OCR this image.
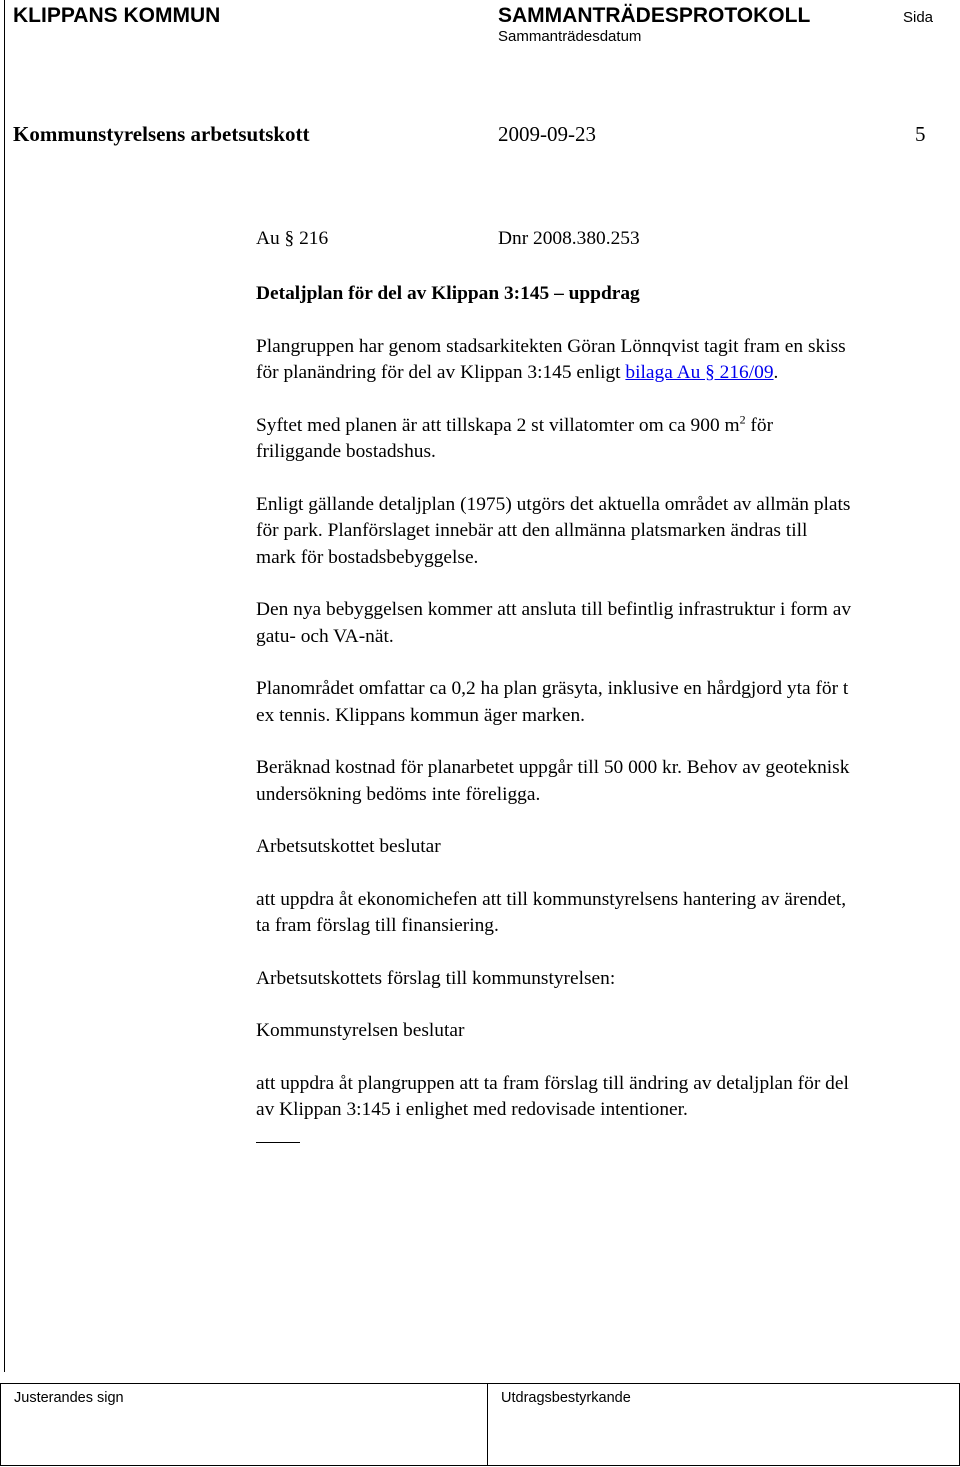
KLIPPANS KOMMUN	SAMMANTRÄDESPROTOKOLL	Sida
Sammanträdesdatum
Kommunstyrelsens arbetsutskott	2009-09-23	5
Au § 216	Dnr 2008.380.253

Detaljplan för del av Klippan 3:145 – uppdrag

Plangruppen har genom stadsarkitekten Göran Lönnqvist tagit fram en skiss
för planändring för del av Klippan 3:145 enligt bilaga Au § 216/09.

Syftet med planen är att tillskapa 2 st villatomter om ca 900 $m^2$ för
friliggande bostadshus.

Enligt gällande detaljplan (1975) utgörs det aktuella området av allmän plats
för park. Planförslaget innebär att den allmänna platsmarken ändras till
mark för bostadsbebyggelse.

Den nya bebyggelsen kommer att ansluta till befintlig infrastruktur i form av
gatu- och VA-nät.

Planområdet omfattar ca 0,2 ha plan gräsyta, inklusive en hårdgjord yta för t
ex tennis. Klippans kommun äger marken.

Beräknad kostnad för planarbetet uppgår till 50 000 kr. Behov av geoteknisk
undersökning bedöms inte föreligga.

Arbetsutskottet beslutar

att uppdra åt ekonomichefen att till kommunstyrelsens hantering av ärendet,
ta fram förslag till finansiering.

Arbetsutskottets förslag till kommunstyrelsen:

Kommunstyrelsen beslutar

att uppdra åt plangruppen att ta fram förslag till ändring av detaljplan för del
av Klippan 3:145 i enlighet med redovisade intentioner.

Justerandes sign	Utdragsbestyrkande
